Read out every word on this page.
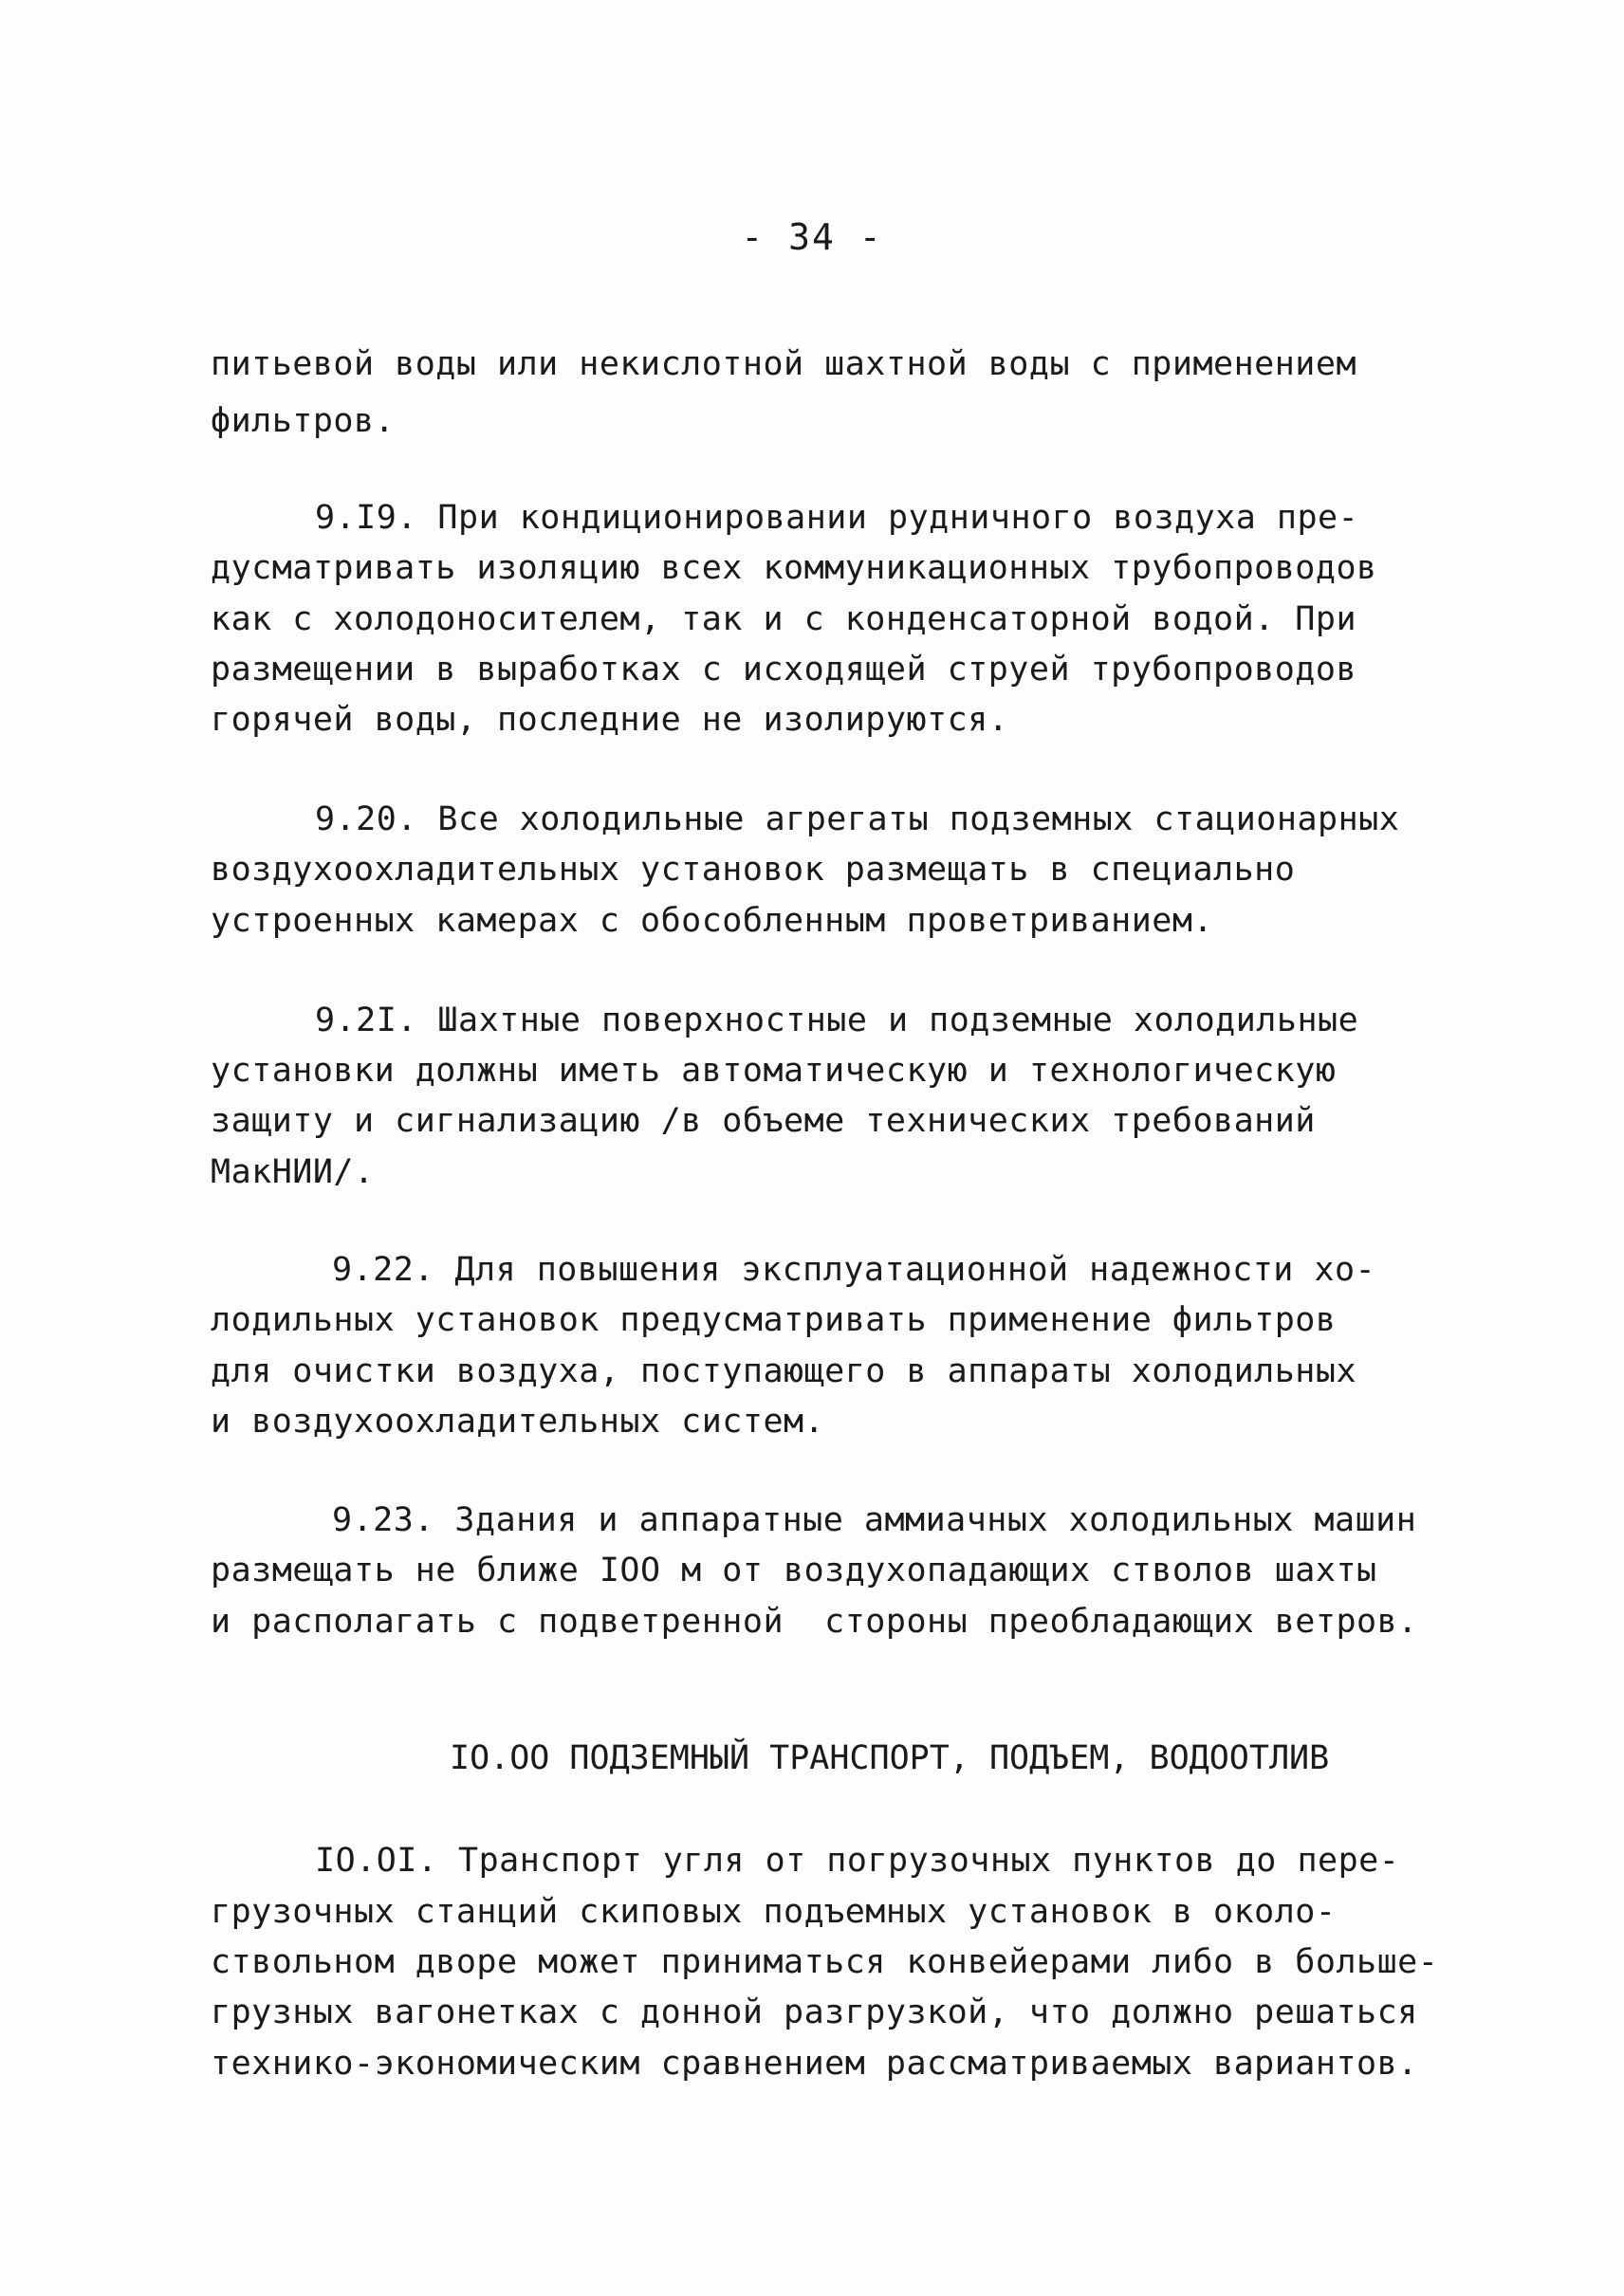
- 34 -
питьевой воды или некислотной шахтной воды с применением
фильтров.
9.I9. При кондиционировании рудничного воздуха пре-
дусматривать изоляцию всех коммуникационных трубопроводов
как с холодоносителем, так и с конденсаторной водой. При
размещении в выработках с исходящей струей трубопроводов
горячей воды, последние не изолируются.
9.20. Все холодильные агрегаты подземных стационарных
воздухоохладительных установок размещать в специально
устроенных камерах с обособленным проветриванием.
9.2I. Шахтные поверхностные и подземные холодильные
установки должны иметь автоматическую и технологическую
защиту и сигнализацию /в объеме технических требований
МакНИИ/.
9.22. Для повышения эксплуатационной надежности хо-
лодильных установок предусматривать применение фильтров
для очистки воздуха, поступающего в аппараты холодильных
и воздухоохладительных систем.
9.23. Здания и аппаратные аммиачных холодильных машин
размещать не ближе IOO м от воздухопадающих стволов шахты
и располагать с подветренной  стороны преобладающих ветров.
IO.OO ПОДЗЕМНЫЙ ТРАНСПОРТ, ПОДЪЕМ, ВОДООТЛИВ
IO.OI. Транспорт угля от погрузочных пунктов до пере-
грузочных станций скиповых подъемных установок в около-
ствольном дворе может приниматься конвейерами либо в больше-
грузных вагонетках с донной разгрузкой, что должно решаться
технико-экономическим сравнением рассматриваемых вариантов.
